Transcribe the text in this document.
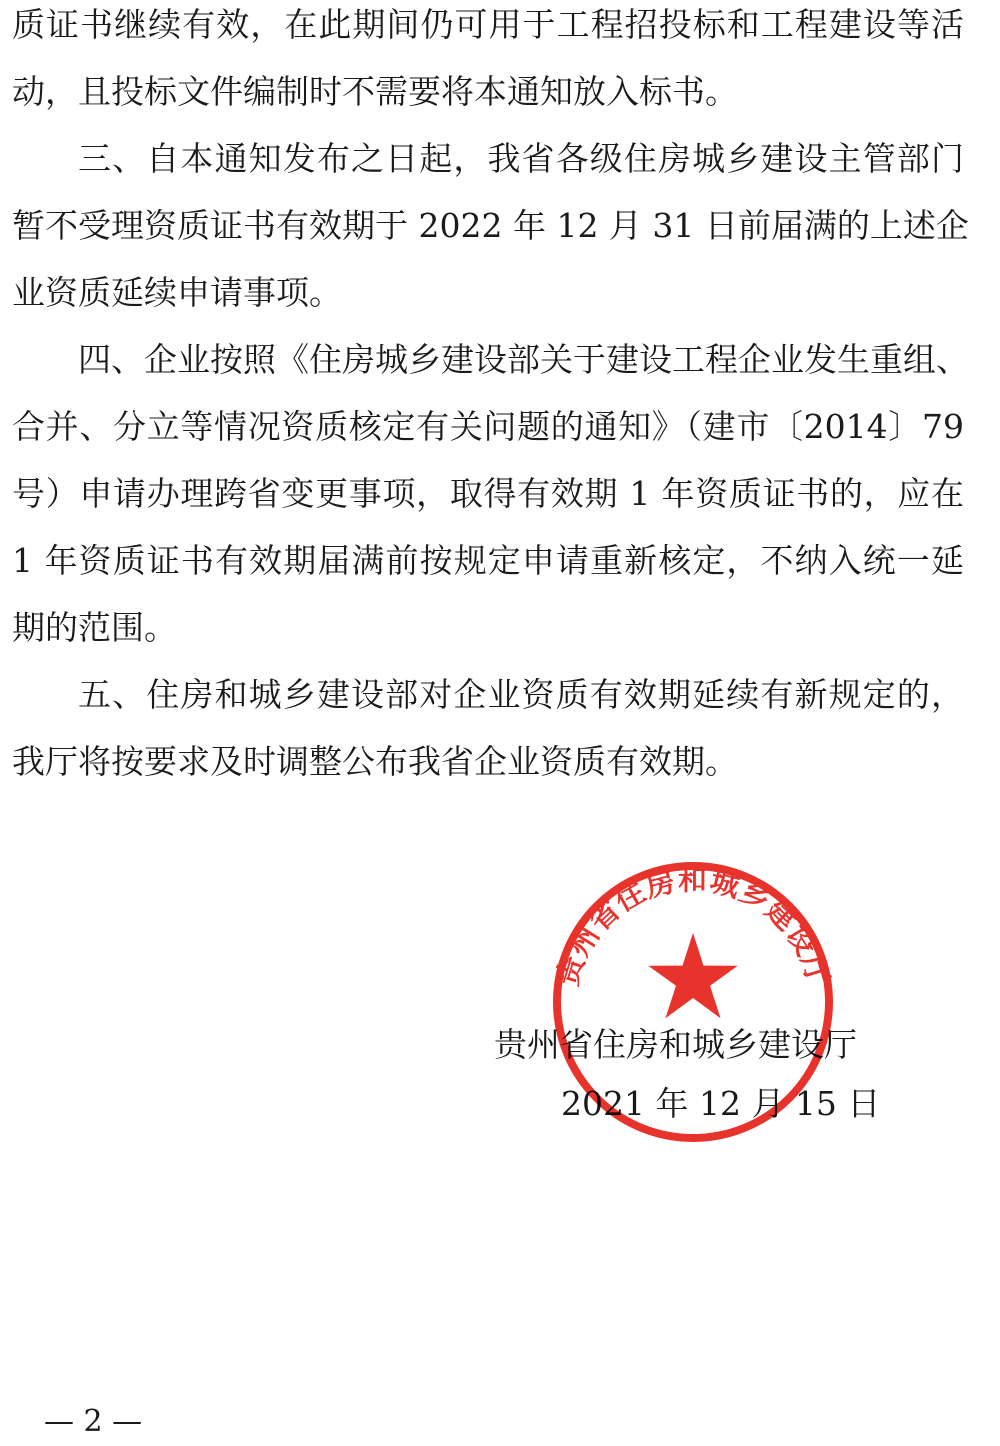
质证书继续有效，在此期间仍可用于工程招投标和工程建设等活
动，且投标文件编制时不需要将本通知放入标书。
三、自本通知发布之日起，我省各级住房城乡建设主管部门
暂不受理资质证书有效期于 2022 年 12 月 31 日前届满的上述企
业资质延续申请事项。
四、企业按照《住房城乡建设部关于建设工程企业发生重组、
合并、分立等情况资质核定有关问题的通知》（建市〔2014〕79
号）申请办理跨省变更事项，取得有效期 1 年资质证书的，应在
1 年资质证书有效期届满前按规定申请重新核定，不纳入统一延
期的范围。
五、住房和城乡建设部对企业资质有效期延续有新规定的，
我厅将按要求及时调整公布我省企业资质有效期。
贵州省住房和城乡建设厅
2021 年 12 月 15 日
贵州省住房和城乡建设厅
— 2 —
